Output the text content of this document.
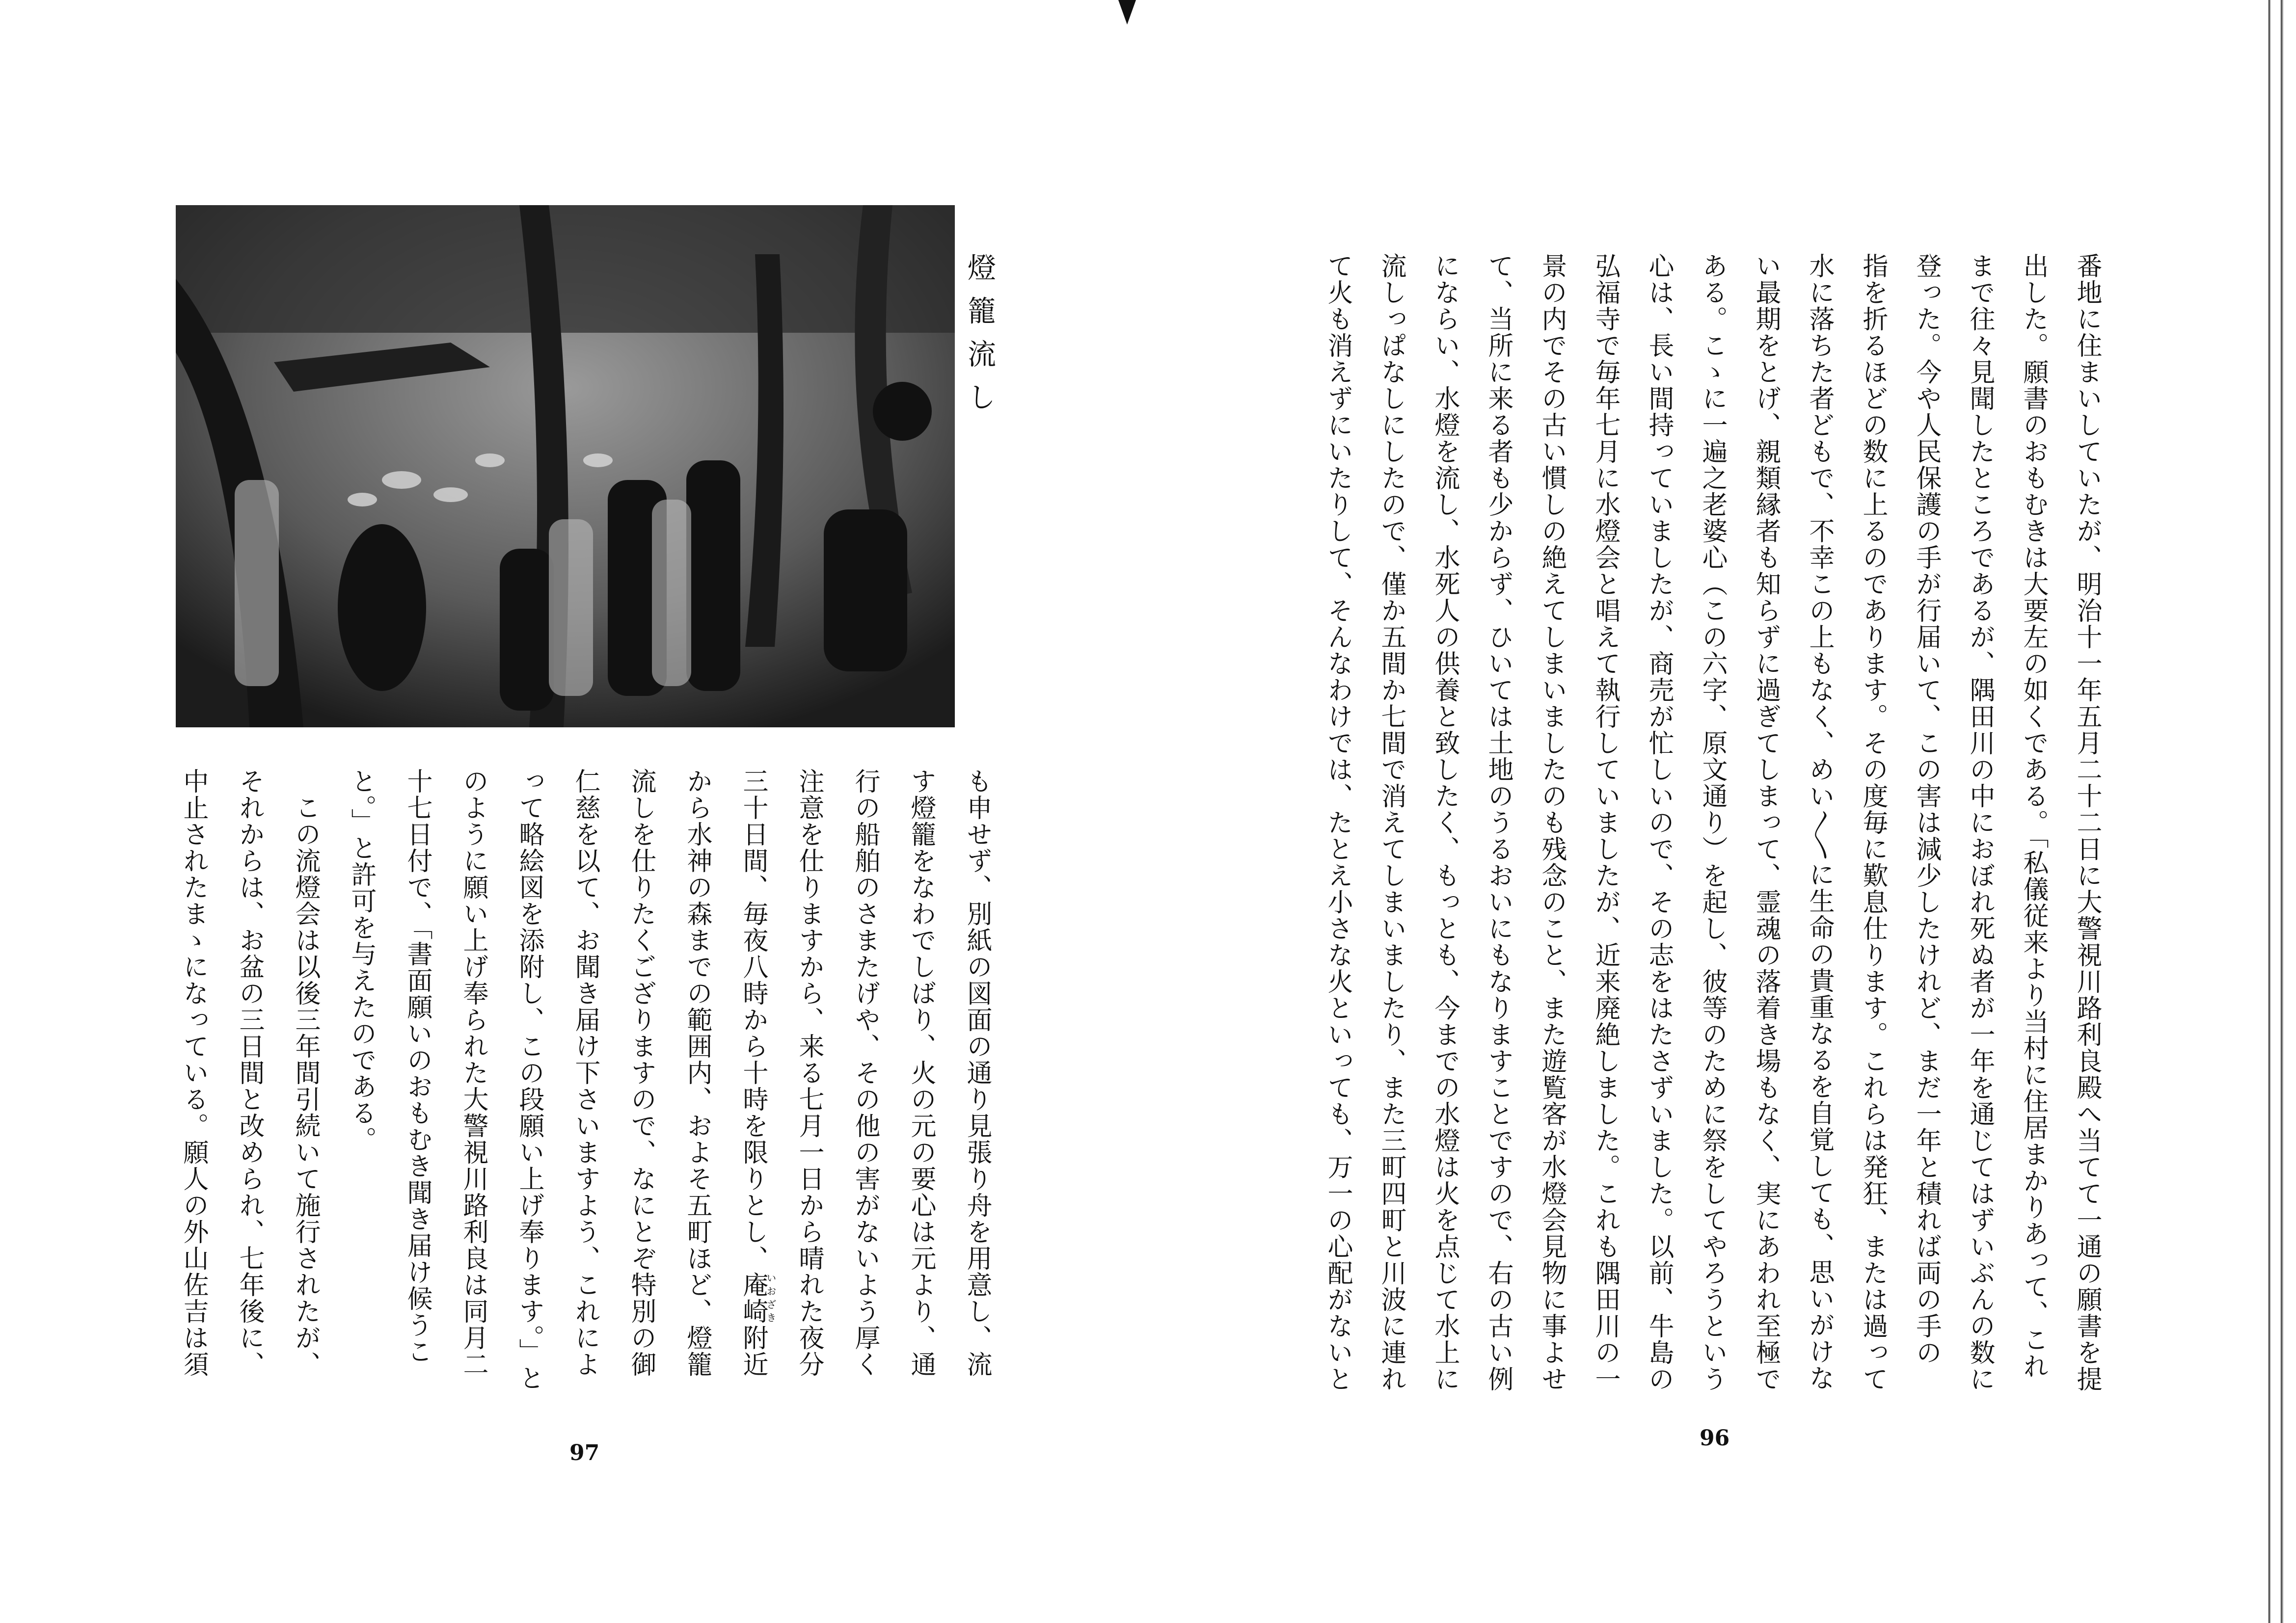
燈籠流し
も申せず、別紙の図面の通り見張り舟を用意し、流
す燈籠をなわでしばり、火の元の要心は元より、通
行の船舶のさまたげや、その他の害がないよう厚く
注意を仕りますから、来る七月一日から晴れた夜分
三十日間、毎夜八時から十時を限りとし、庵崎いおざき附近
から水神の森までの範囲内、およそ五町ほど、燈籠
流しを仕りたくござりますので、なにとぞ特別の御
仁慈を以て、お聞き届け下さいますよう、これによ
って略絵図を添附し、この段願い上げ奉ります。」と
のように願い上げ奉られた大警視川路利良は同月二
十七日付で、「書面願いのおもむき聞き届け候うこ
と。」と許可を与えたのである。
　この流燈会は以後三年間引続いて施行されたが、
それからは、お盆の三日間と改められ、七年後に、
中止されたまゝになっている。願人の外山佐吉は須
97
番地に住まいしていたが、明治十一年五月二十二日に大警視川路利良殿へ当てて一通の願書を提
出した。願書のおもむきは大要左の如くである。「私儀従来より当村に住居まかりあって、これ
まで往々見聞したところであるが、隅田川の中におぼれ死ぬ者が一年を通じてはずいぶんの数に
登った。今や人民保護の手が行届いて、この害は減少したけれど、まだ一年と積れば両の手の
指を折るほどの数に上るのであります。その度毎に歎息仕ります。これらは発狂、または過って
水に落ちた者どもで、不幸この上もなく、めい〳〵に生命の貴重なるを自覚しても、思いがけな
い最期をとげ、親類縁者も知らずに過ぎてしまって、霊魂の落着き場もなく、実にあわれ至極で
ある。こゝに一遍之老婆心（この六字、原文通り）を起し、彼等のために祭をしてやろうという
心は、長い間持っていましたが、商売が忙しいので、その志をはたさずいました。以前、牛島の
弘福寺で毎年七月に水燈会と唱えて執行していましたが、近来廃絶しました。これも隅田川の一
景の内でその古い慣しの絶えてしまいましたのも残念のこと、また遊覧客が水燈会見物に事よせ
て、当所に来る者も少からず、ひいては土地のうるおいにもなりますことですので、右の古い例
にならい、水燈を流し、水死人の供養と致したく、もっとも、今までの水燈は火を点じて水上に
流しっぱなしにしたので、僅か五間か七間で消えてしまいましたり、また三町四町と川波に連れ
て火も消えずにいたりして、そんなわけでは、たとえ小さな火といっても、万一の心配がないと
96
